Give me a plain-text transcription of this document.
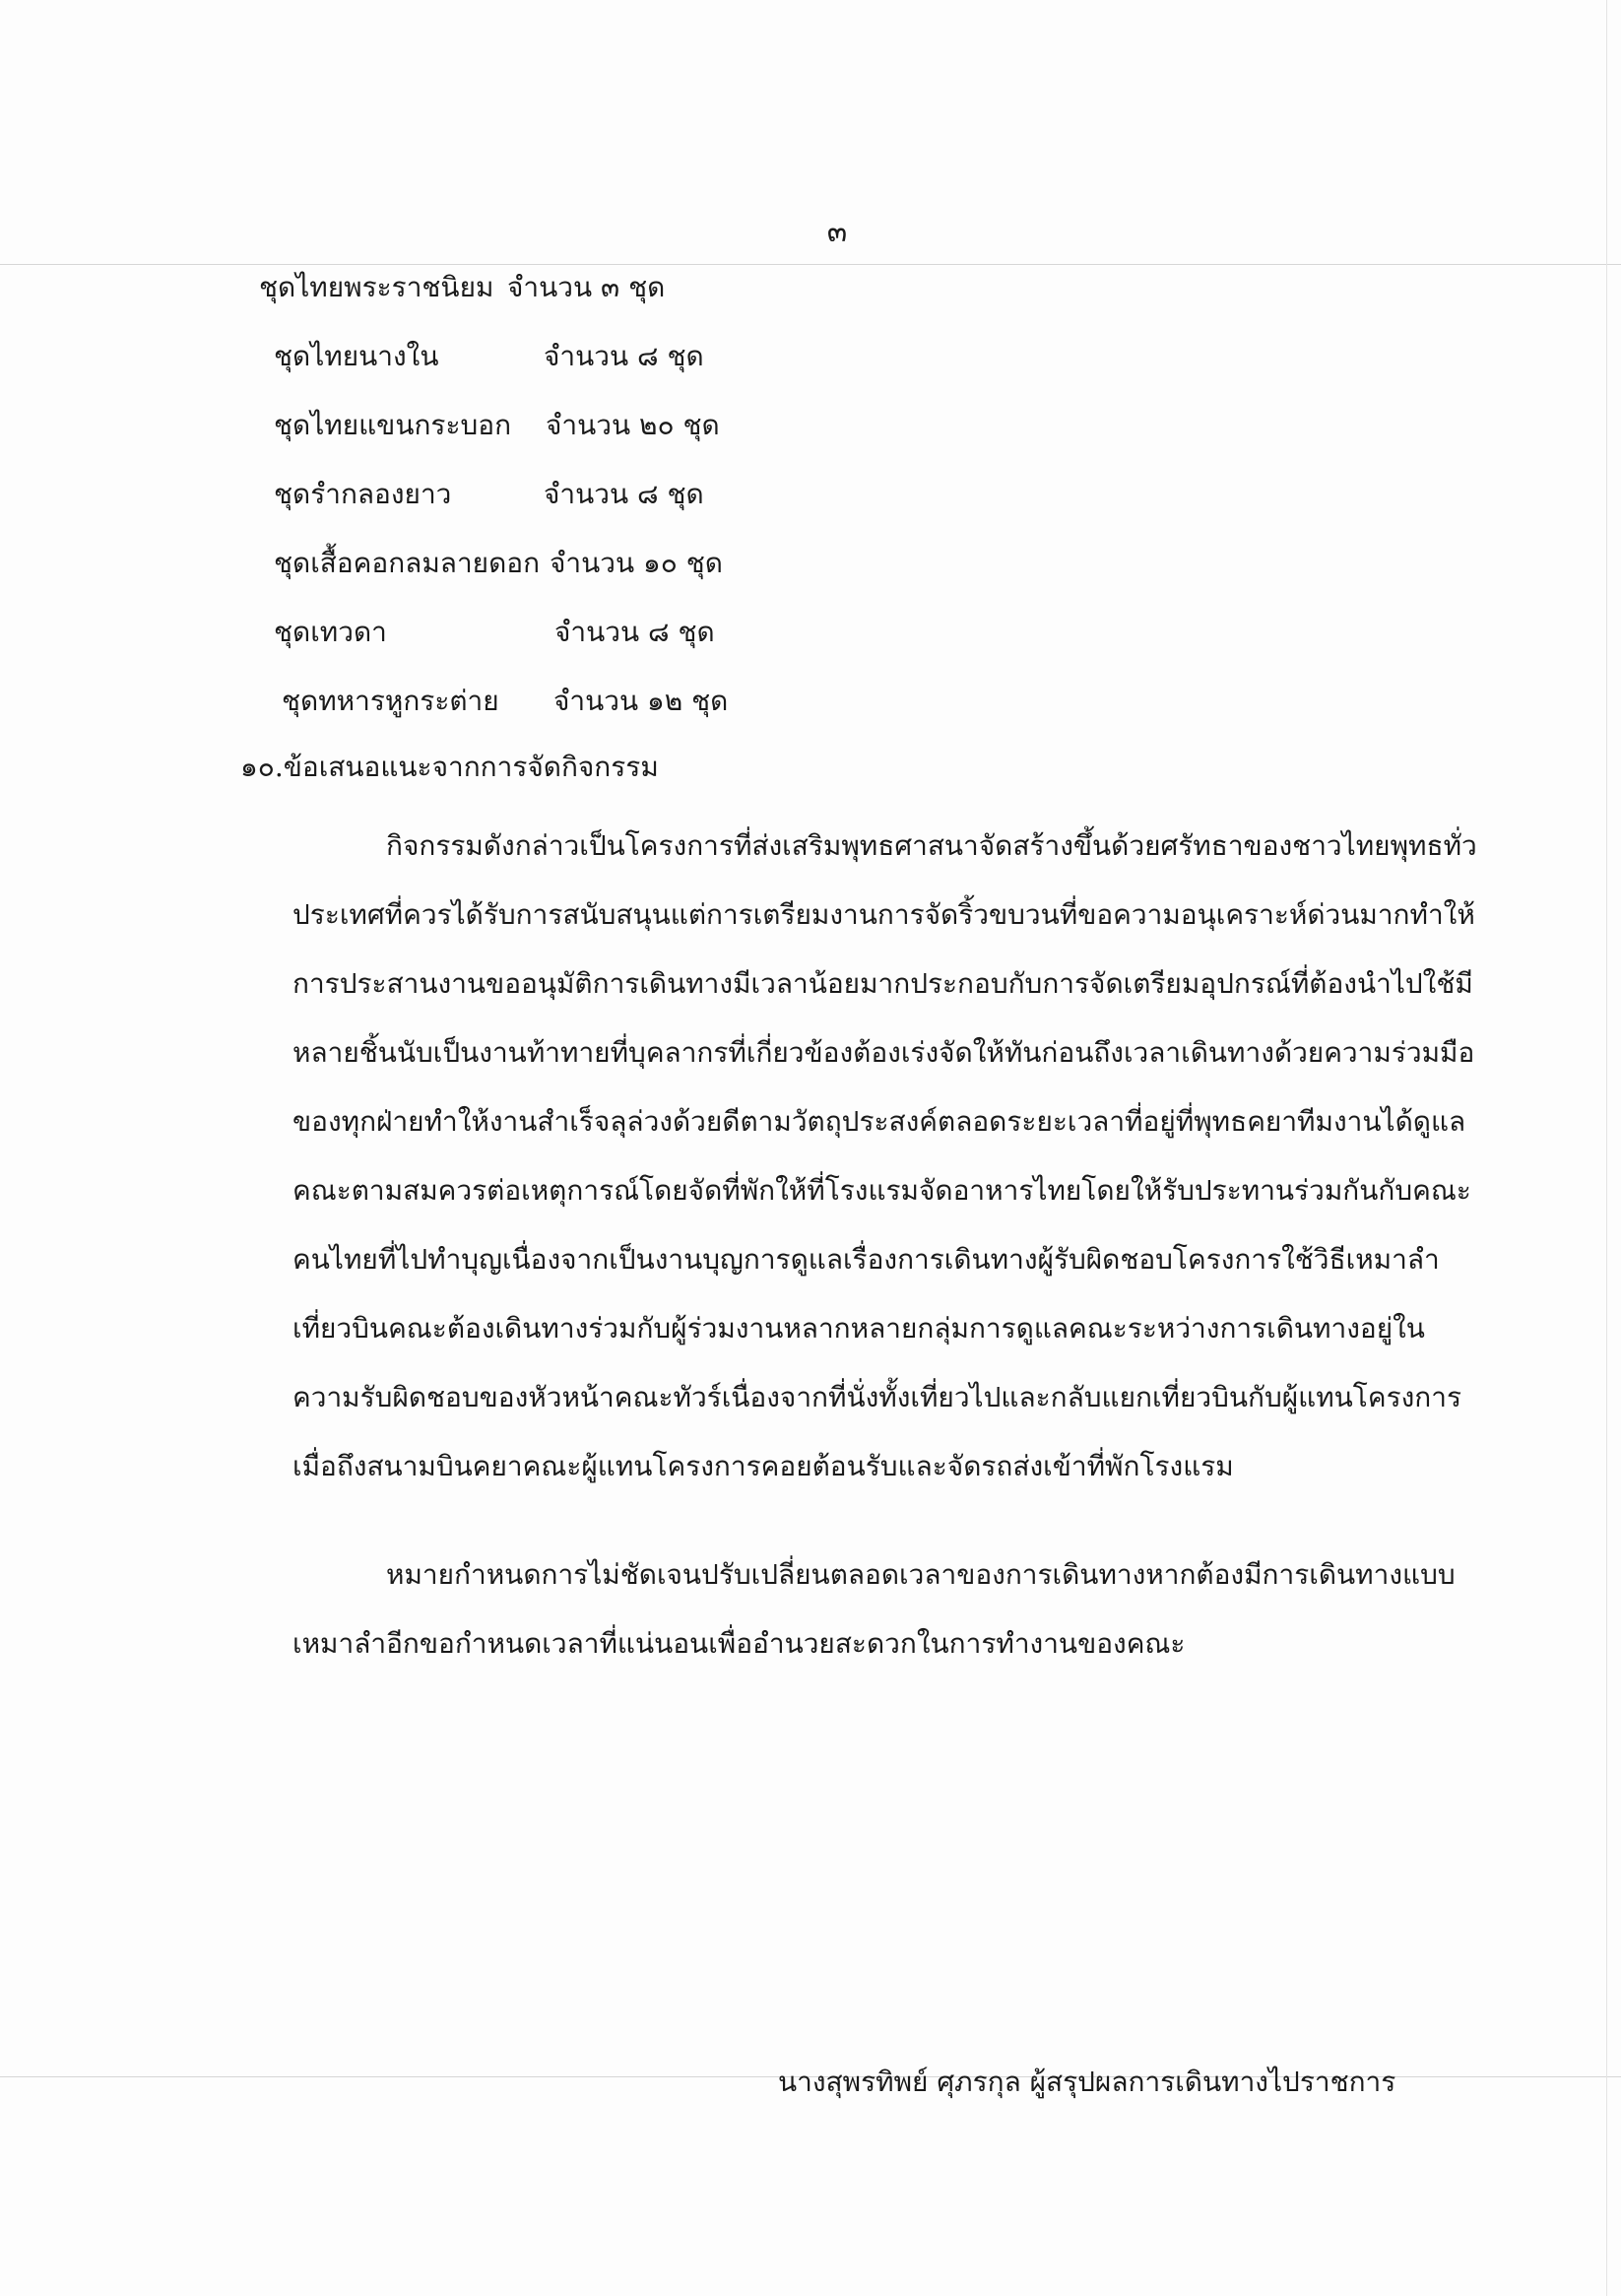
๓
ชุดไทยพระราชนิยม จำนวน ๓ ชุด
ชุดไทยนางใน	จำนวน ๘ ชุด
ชุดไทยแขนกระบอก จำนวน ๒๐ ชุด
ชุดรำกลองยาว	จำนวน ๘ ชุด
ชุดเสื้อคอกลมลายดอก จำนวน ๑๐ ชุด
ชุดเทวดา	จำนวน ๘ ชุด
ชุดทหารหูกระต่าย จำนวน ๑๒ ชุด
๑๐.ข้อเสนอแนะจากการจัดกิจกรรม
กิจกรรมดังกล่าวเป็นโครงการที่ส่งเสริมพุทธศาสนาจัดสร้างขึ้นด้วยศรัทธาของชาวไทยพุทธทั่ว
ประเทศที่ควรได้รับการสนับสนุนแต่การเตรียมงานการจัดริ้วขบวนที่ขอความอนุเคราะห์ด่วนมากทำให้
การประสานงานขออนุมัติการเดินทางมีเวลาน้อยมากประกอบกับการจัดเตรียมอุปกรณ์ที่ต้องนำไปใช้มี
หลายชิ้นนับเป็นงานท้าทายที่บุคลากรที่เกี่ยวข้องต้องเร่งจัดให้ทันก่อนถึงเวลาเดินทางด้วยความร่วมมือ
ของทุกฝ่ายทำให้งานสำเร็จลุล่วงด้วยดีตามวัตถุประสงค์ตลอดระยะเวลาที่อยู่ที่พุทธคยาทีมงานได้ดูแล
คณะตามสมควรต่อเหตุการณ์โดยจัดที่พักให้ที่โรงแรมจัดอาหารไทยโดยให้รับประทานร่วมกันกับคณะ
คนไทยที่ไปทำบุญเนื่องจากเป็นงานบุญการดูแลเรื่องการเดินทางผู้รับผิดชอบโครงการใช้วิธีเหมาลำ
เที่ยวบินคณะต้องเดินทางร่วมกับผู้ร่วมงานหลากหลายกลุ่มการดูแลคณะระหว่างการเดินทางอยู่ใน
ความรับผิดชอบของหัวหน้าคณะทัวร์เนื่องจากที่นั่งทั้งเที่ยวไปและกลับแยกเที่ยวบินกับผู้แทนโครงการ
เมื่อถึงสนามบินคยาคณะผู้แทนโครงการคอยต้อนรับและจัดรถส่งเข้าที่พักโรงแรม
หมายกำหนดการไม่ชัดเจนปรับเปลี่ยนตลอดเวลาของการเดินทางหากต้องมีการเดินทางแบบ
เหมาลำอีกขอกำหนดเวลาที่แน่นอนเพื่ออำนวยสะดวกในการทำงานของคณะ
นางสุพรทิพย์ ศุภรกุล ผู้สรุปผลการเดินทางไปราชการ
